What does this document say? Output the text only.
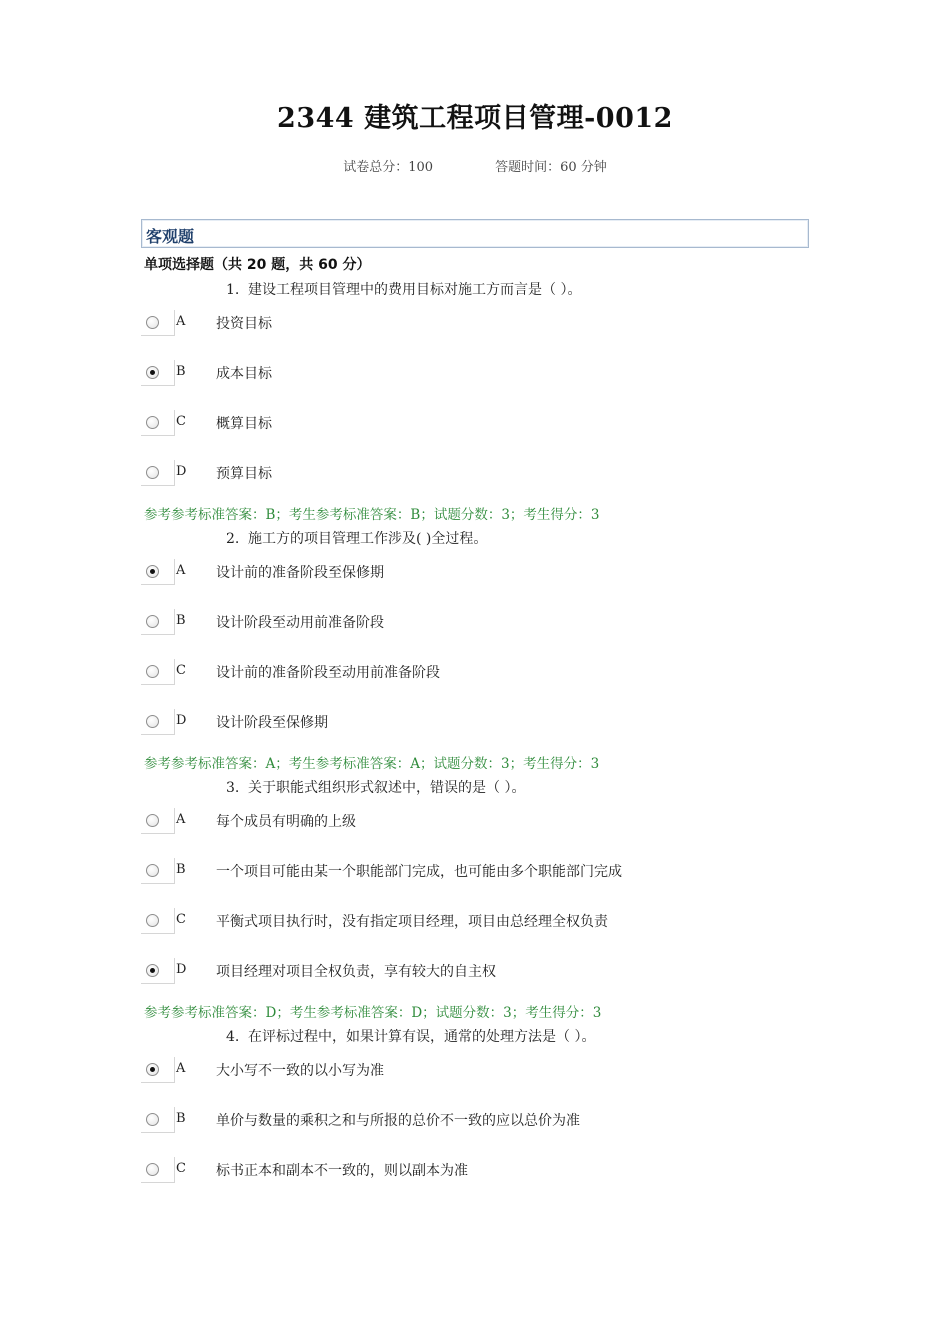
2344 建筑工程项目管理-0012
试卷总分：100	答题时间：60 分钟
客观题
单项选择题（共 20 题，共 60 分）
1. 建设工程项目管理中的费用目标对施工方而言是（ ）。
A 投资目标
B 成本目标
C 概算目标
D 预算目标
参考参考标准答案：B；考生参考标准答案：B；试题分数：3；考生得分：3
2. 施工方的项目管理工作涉及( )全过程。
A 设计前的准备阶段至保修期
B 设计阶段至动用前准备阶段
C 设计前的准备阶段至动用前准备阶段
D 设计阶段至保修期
参考参考标准答案：A；考生参考标准答案：A；试题分数：3；考生得分：3
3. 关于职能式组织形式叙述中，错误的是（ ）。
A 每个成员有明确的上级
B 一个项目可能由某一个职能部门完成，也可能由多个职能部门完成
C 平衡式项目执行时，没有指定项目经理，项目由总经理全权负责
D 项目经理对项目全权负责，享有较大的自主权
参考参考标准答案：D；考生参考标准答案：D；试题分数：3；考生得分：3
4. 在评标过程中，如果计算有误，通常的处理方法是（ ）。
A 大小写不一致的以小写为准
B 单价与数量的乘积之和与所报的总价不一致的应以总价为准
C 标书正本和副本不一致的，则以副本为准
